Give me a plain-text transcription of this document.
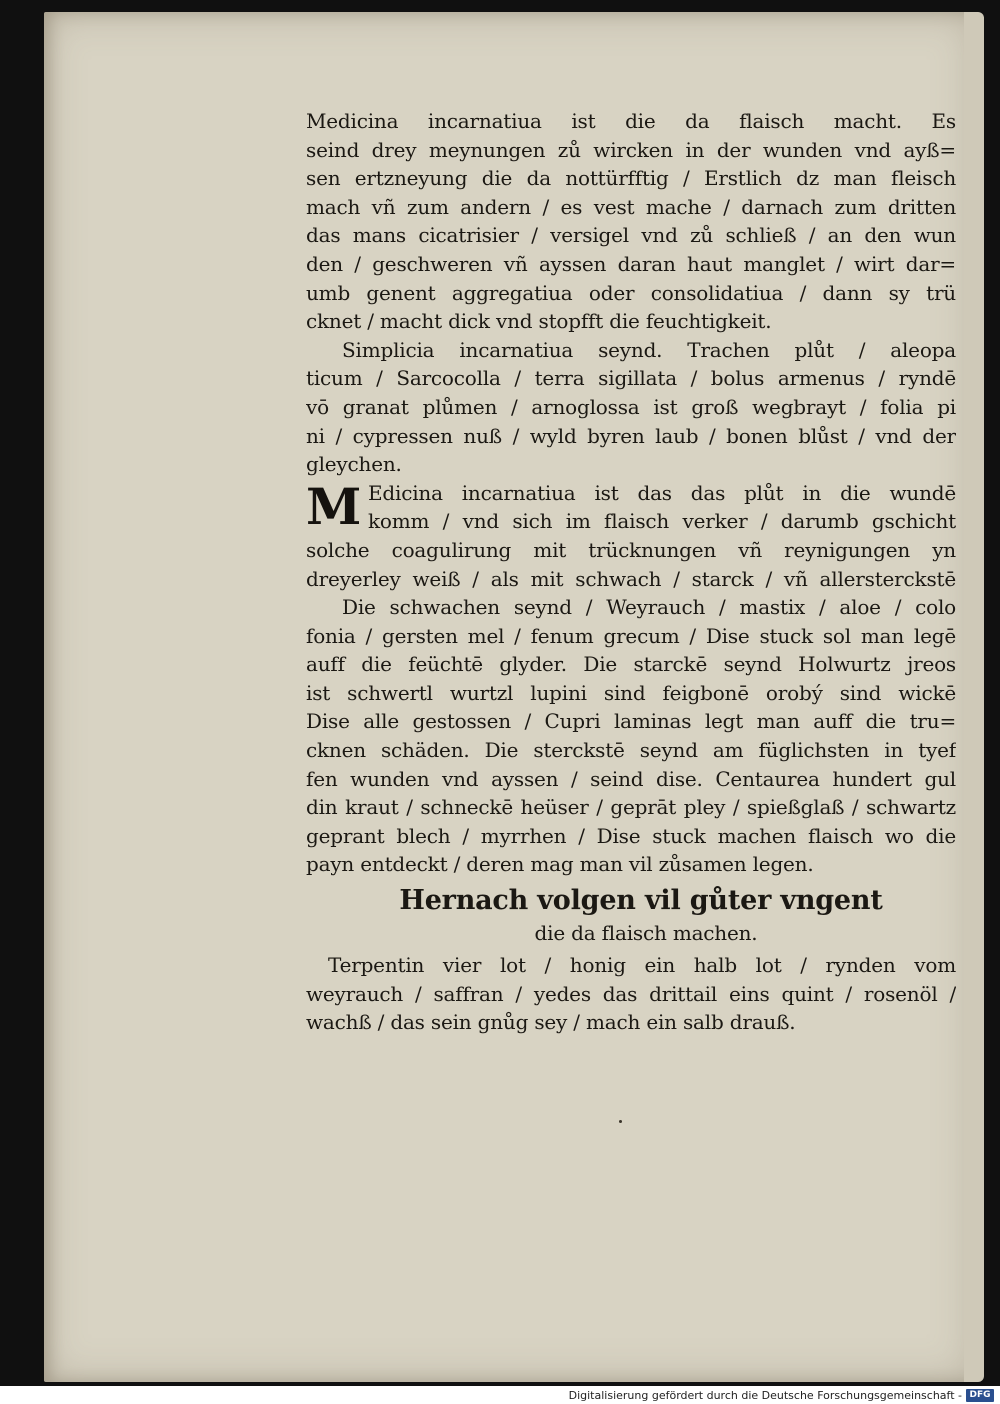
Medicina incarnatiua ist die da flaisch macht. Es
seind drey meynungen zů wircken in der wunden vnd ayß=
sen ertzneyung die da nottürfftig / Erstlich dz man fleisch
mach vñ zum andern / es vest mache / darnach zum dritten
das mans cicatrisier / versigel vnd zů schließ / an den wun
den / geschweren vñ ayssen daran haut manglet / wirt dar=
umb genent aggregatiua oder consolidatiua / dann sy trü
cknet / macht dick vnd stopfft die feuchtigkeit.
Simplicia incarnatiua seynd. Trachen plůt / aleopa
ticum / Sarcocolla / terra sigillata / bolus armenus / ryndē
vō granat plůmen / arnoglossa ist groß wegbrayt / folia pi
ni / cypressen nuß / wyld byren laub / bonen blůst / vnd der
gleychen.
M Edicina incarnatiua ist das das plůt in die wundē
komm / vnd sich im flaisch verker / darumb gschicht
solche coagulirung mit trücknungen vñ reynigungen yn
dreyerley weiß / als mit schwach / starck / vñ allersterckstē
Die schwachen seynd / Weyrauch / mastix / aloe / colo
fonia / gersten mel / fenum grecum / Dise stuck sol man legē
auff die feüchtē glyder. Die starckē seynd Holwurtz jreos
ist schwertl wurtzl lupini sind feigbonē orobý sind wickē
Dise alle gestossen / Cupri laminas legt man auff die tru=
cknen schäden. Die sterckstē seynd am füglichsten in tyef
fen wunden vnd ayssen / seind dise. Centaurea hundert gul
din kraut / schneckē heüser / geprāt pley / spießglaß / schwartz
geprant blech / myrrhen / Dise stuck machen flaisch wo die
payn entdeckt / deren mag man vil zůsamen legen.
Hernach volgen vil gůter vngent
die da flaisch machen.
Terpentin vier lot / honig ein halb lot / rynden vom
weyrauch / saffran / yedes das drittail eins quint / rosenöl /
wachß / das sein gnůg sey / mach ein salb drauß.
Digitalisierung gefördert durch die Deutsche Forschungsgemeinschaft - DFG
